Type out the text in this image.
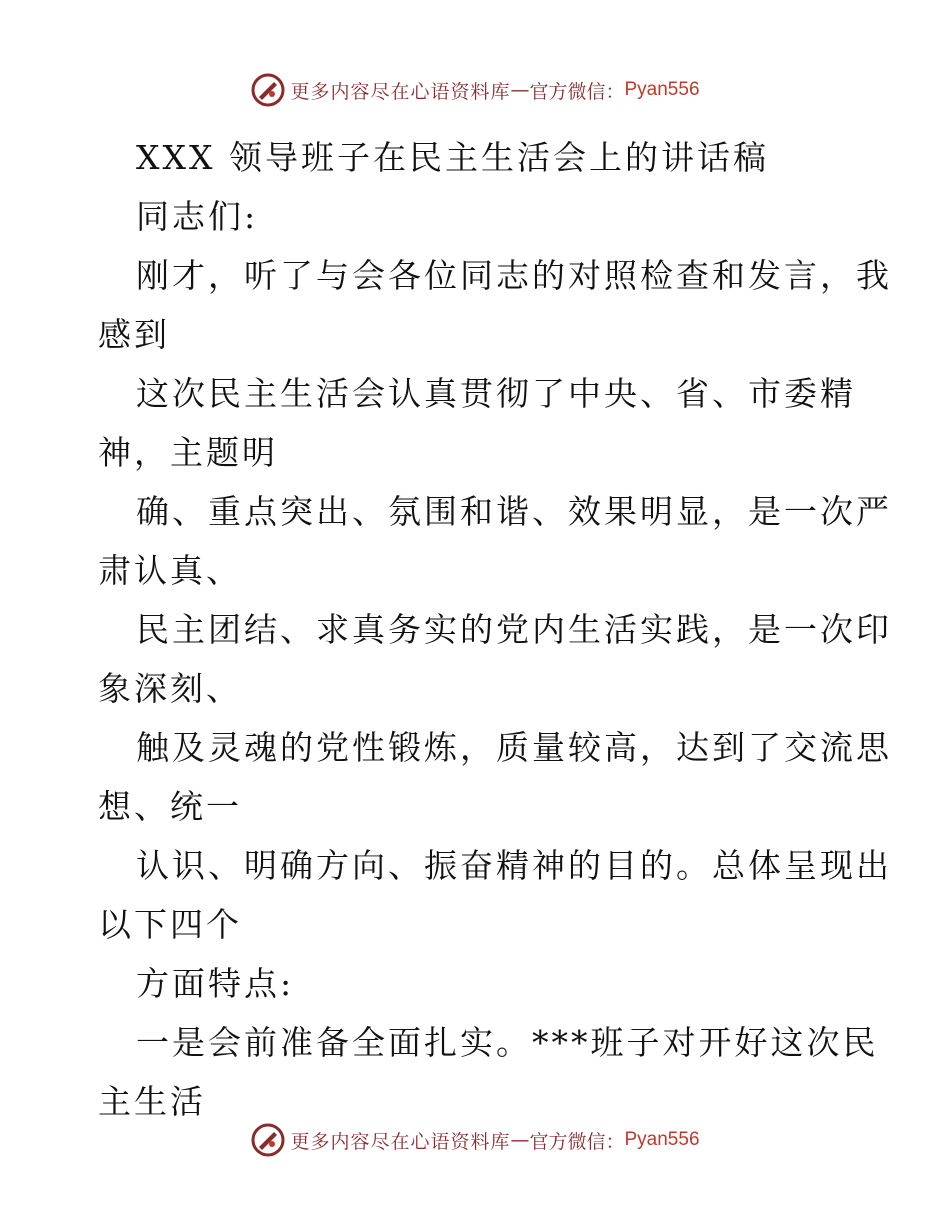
更多内容尽在心语资料库 — 官方微信： Pyan556
XXX 领导班子在民主生活会上的讲话稿
同志们:
刚才，听了与会各位同志的对照检查和发言，我
感到
这次民主生活会认真贯彻了中央、省、市委精
神，主题明
确、重点突出、氛围和谐、效果明显，是一次严
肃认真、
民主团结、求真务实的党内生活实践，是一次印
象深刻、
触及灵魂的党性锻炼，质量较高，达到了交流思
想、统一
认识、明确方向、振奋精神的目的。总体呈现出
以下四个
方面特点:
一是会前准备全面扎实。***班子对开好这次民
主生活
更多内容尽在心语资料库 — 官方微信： Pyan556
